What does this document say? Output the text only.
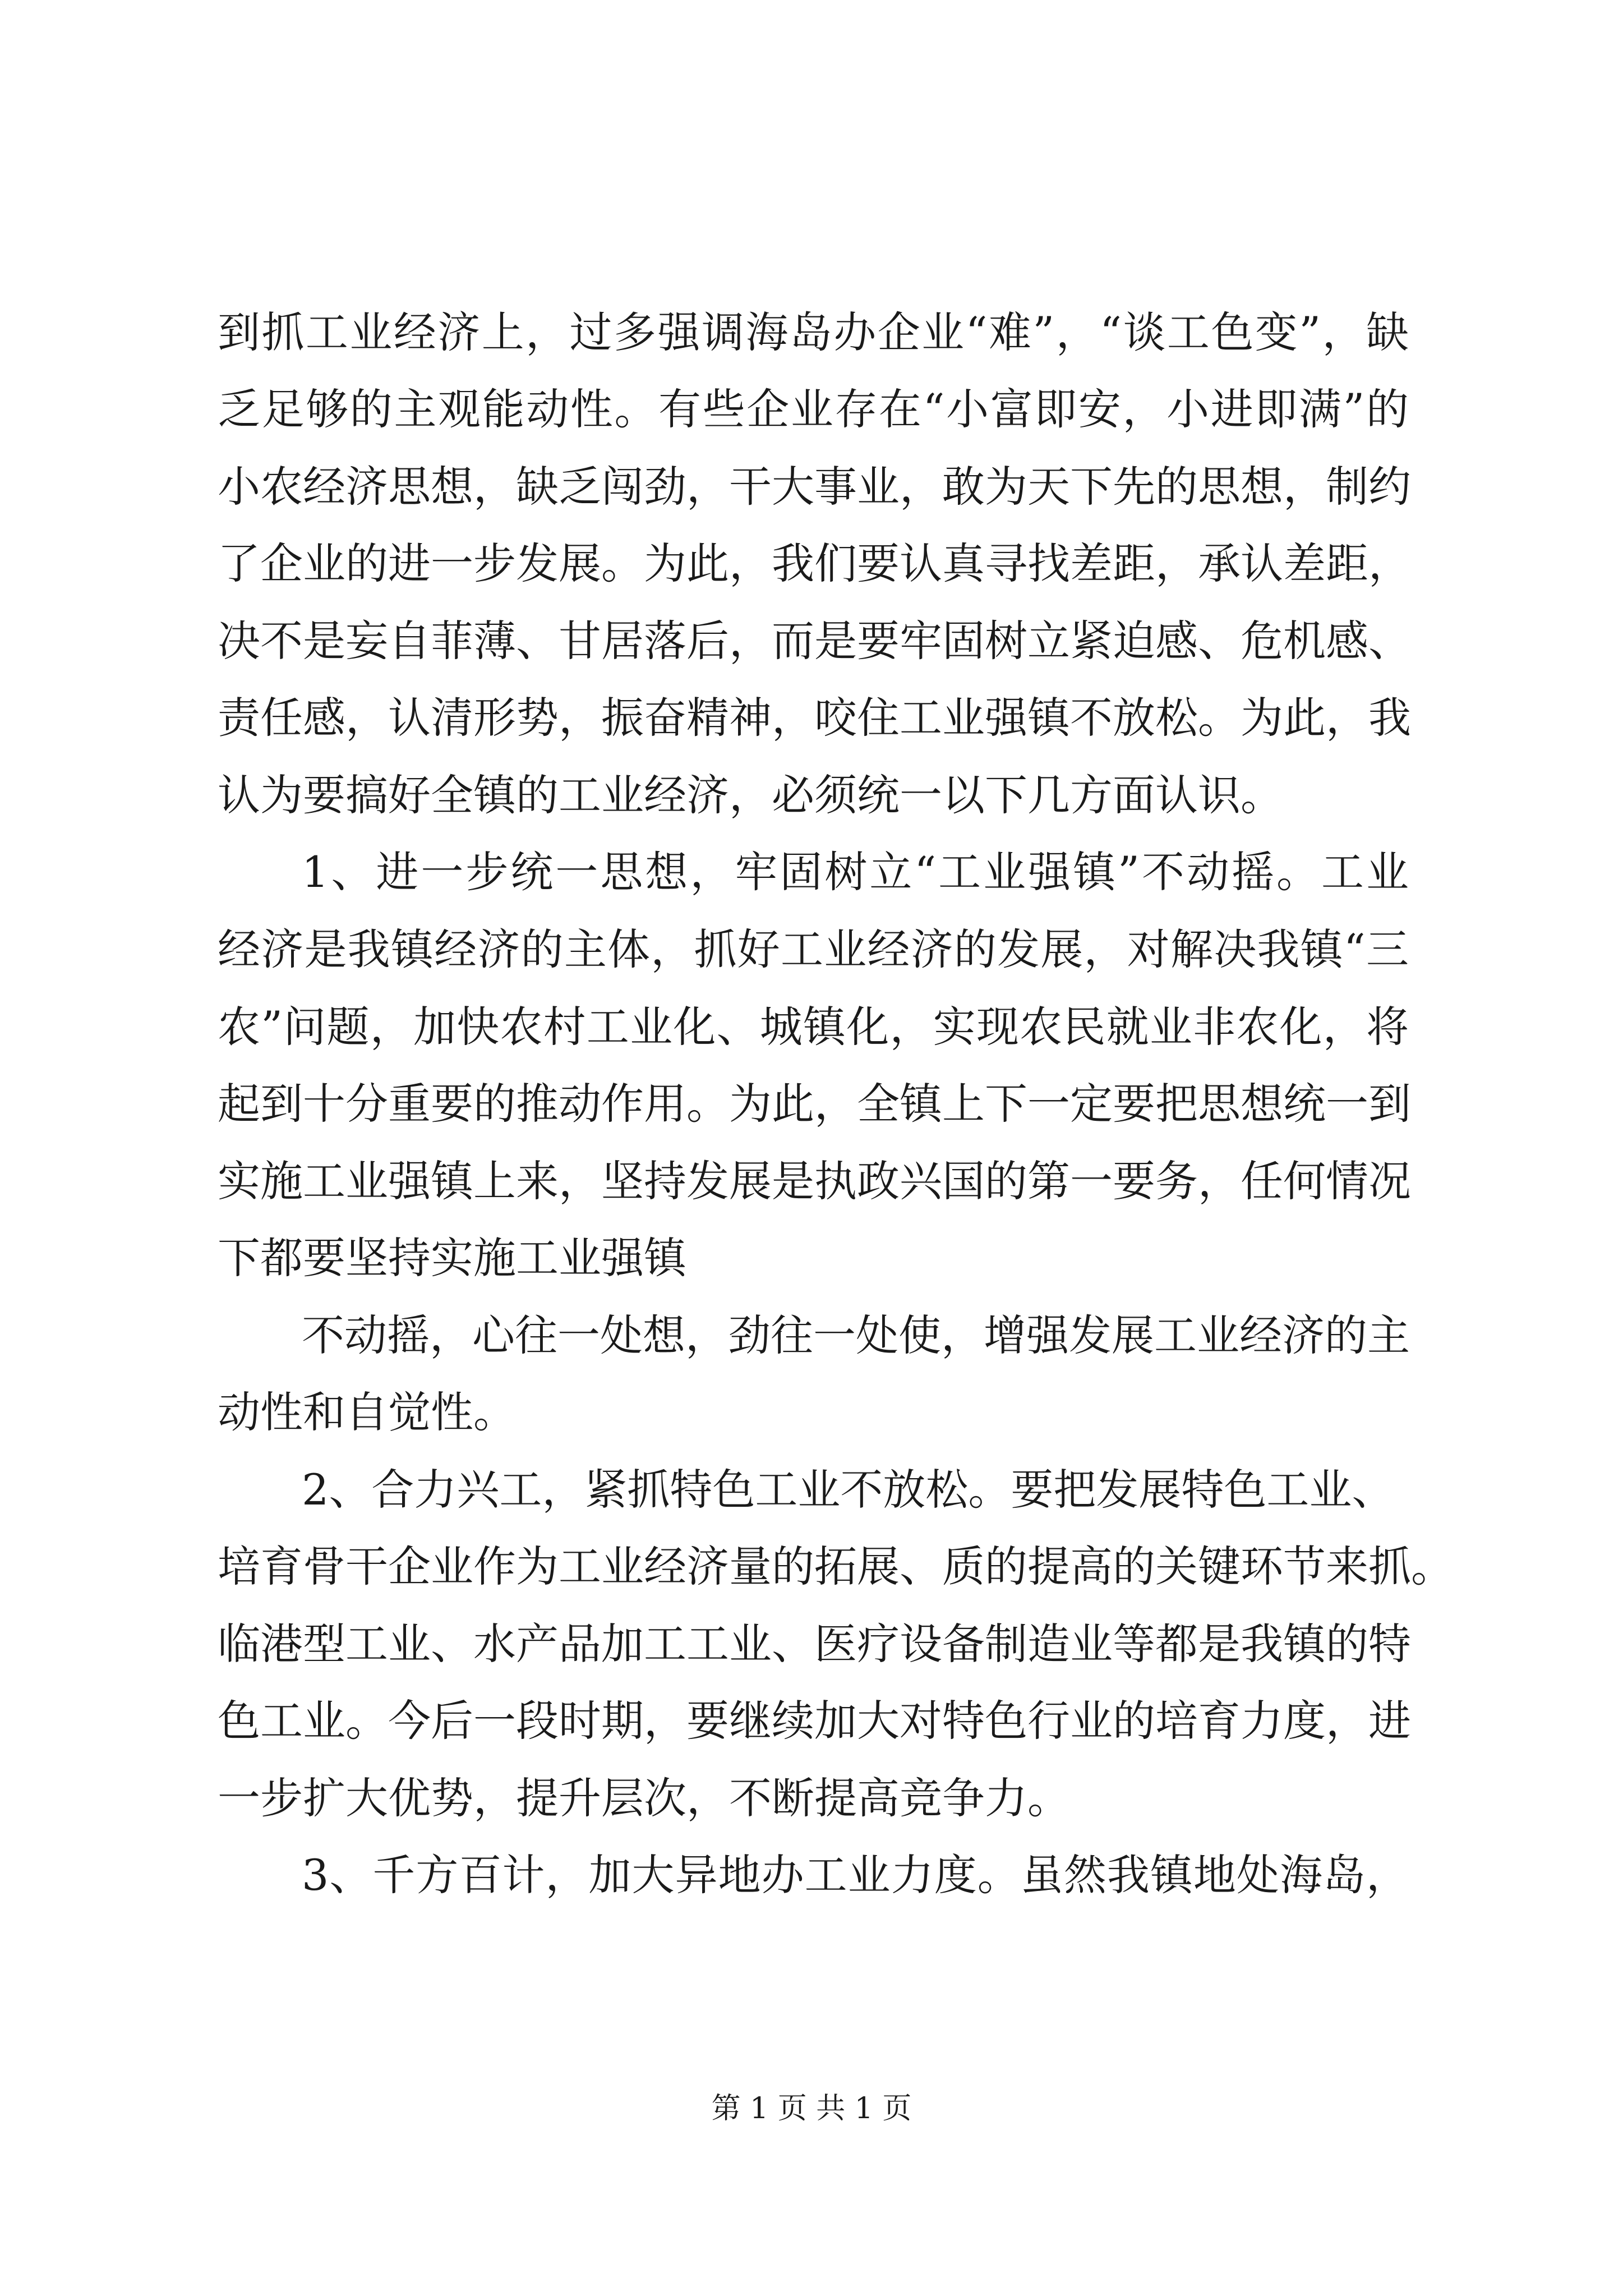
到抓工业经济上，过多强调海岛办企业“难”，“谈工色变”，缺

乏足够的主观能动性。有些企业存在“小富即安，小进即满”的

小农经济思想，缺乏闯劲，干大事业，敢为天下先的思想，制约

了企业的进一步发展。为此，我们要认真寻找差距，承认差距，

决不是妄自菲薄、甘居落后，而是要牢固树立紧迫感、危机感、

责任感，认清形势，振奋精神，咬住工业强镇不放松。为此，我

认为要搞好全镇的工业经济，必须统一以下几方面认识。

1、进一步统一思想，牢固树立“工业强镇”不动摇。工业

经济是我镇经济的主体，抓好工业经济的发展，对解决我镇“三

农”问题，加快农村工业化、城镇化，实现农民就业非农化，将

起到十分重要的推动作用。为此，全镇上下一定要把思想统一到

实施工业强镇上来，坚持发展是执政兴国的第一要务，任何情况

下都要坚持实施工业强镇

不动摇，心往一处想，劲往一处使，增强发展工业经济的主

动性和自觉性。

2、合力兴工，紧抓特色工业不放松。要把发展特色工业、

培育骨干企业作为工业经济量的拓展、质的提高的关键环节来抓。

临港型工业、水产品加工工业、医疗设备制造业等都是我镇的特

色工业。今后一段时期，要继续加大对特色行业的培育力度，进

一步扩大优势，提升层次，不断提高竞争力。

3、千方百计，加大异地办工业力度。虽然我镇地处海岛，

第 1 页 共 1 页
